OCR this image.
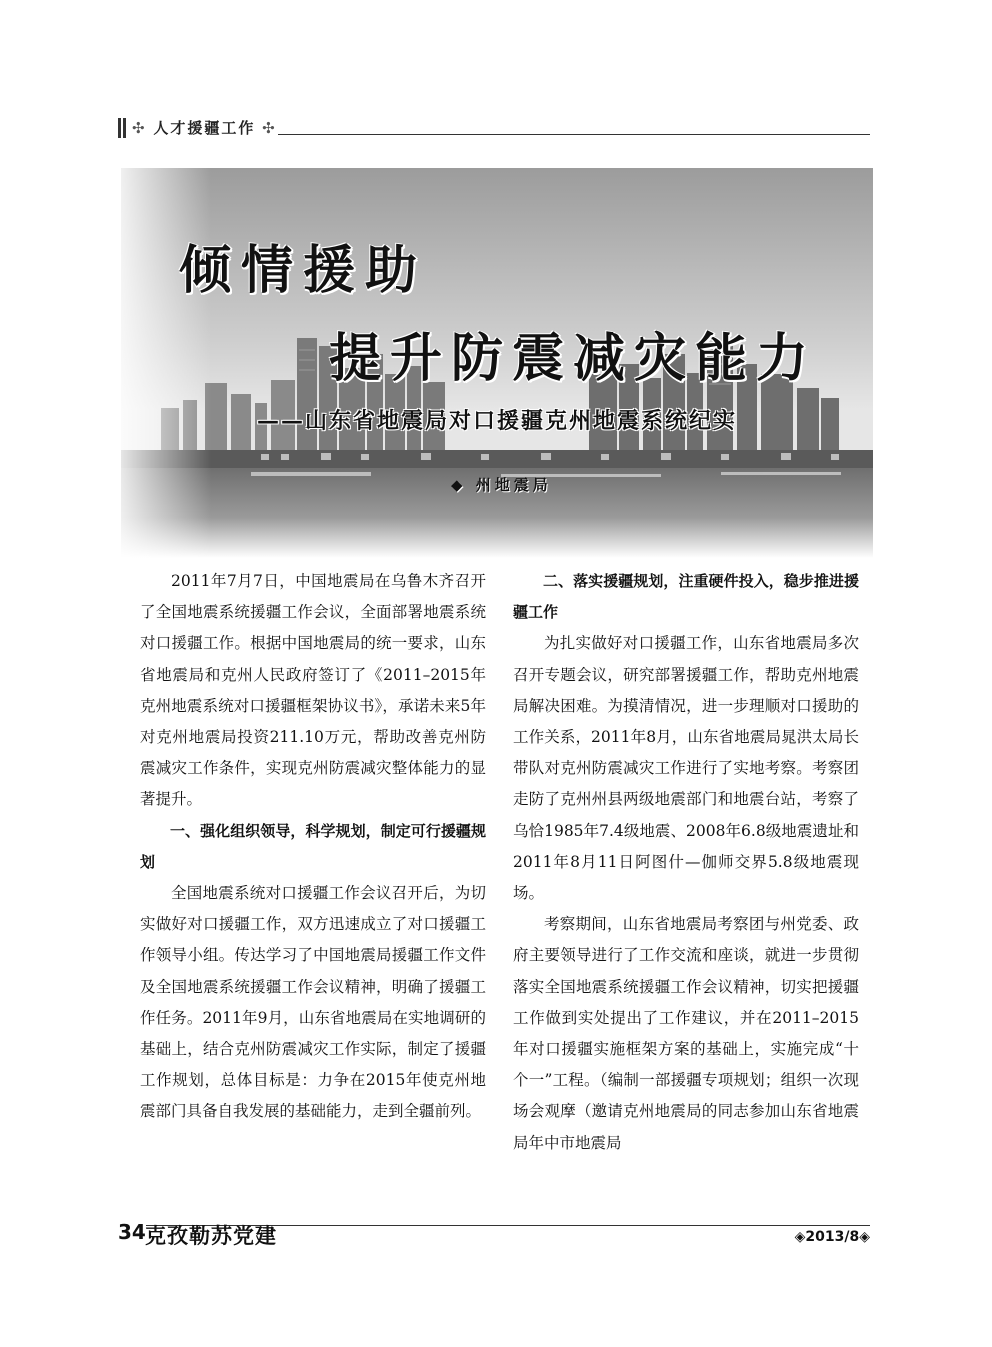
✣ 人才援疆工作 ✣
倾情援助
提升防震减灾能力
——山东省地震局对口援疆克州地震系统纪实
◆ 州地震局

2011年7月7日，中国地震局在乌鲁木齐召开了全国地震系统援疆工作会议，全面部署地震系统对口援疆工作。根据中国地震局的统一要求，山东省地震局和克州人民政府签订了《2011–2015年克州地震系统对口援疆框架协议书》，承诺未来5年对克州地震局投资211.10万元，帮助改善克州防震减灾工作条件，实现克州防震减灾整体能力的显著提升。

一、强化组织领导，科学规划，制定可行援疆规划

全国地震系统对口援疆工作会议召开后，为切实做好对口援疆工作，双方迅速成立了对口援疆工作领导小组。传达学习了中国地震局援疆工作文件及全国地震系统援疆工作会议精神，明确了援疆工作任务。2011年9月，山东省地震局在实地调研的基础上，结合克州防震减灾工作实际，制定了援疆工作规划，总体目标是：力争在2015年使克州地震部门具备自我发展的基础能力，走到全疆前列。

二、落实援疆规划，注重硬件投入，稳步推进援疆工作

为扎实做好对口援疆工作，山东省地震局多次召开专题会议，研究部署援疆工作，帮助克州地震局解决困难。为摸清情况，进一步理顺对口援助的工作关系，2011年8月，山东省地震局晁洪太局长带队对克州防震减灾工作进行了实地考察。考察团走防了克州州县两级地震部门和地震台站，考察了乌恰1985年7.4级地震、2008年6.8级地震遗址和2011年8月11日阿图什—伽师交界5.8级地震现场。

考察期间，山东省地震局考察团与州党委、政府主要领导进行了工作交流和座谈，就进一步贯彻落实全国地震系统援疆工作会议精神，切实把援疆工作做到实处提出了工作建议，并在2011–2015年对口援疆实施框架方案的基础上，实施完成“十个一”工程。（编制一部援疆专项规划；组织一次现场会观摩（邀请克州地震局的同志参加山东省地震局年中市地震局

34 克孜勒苏党建	◈2013/8◈
